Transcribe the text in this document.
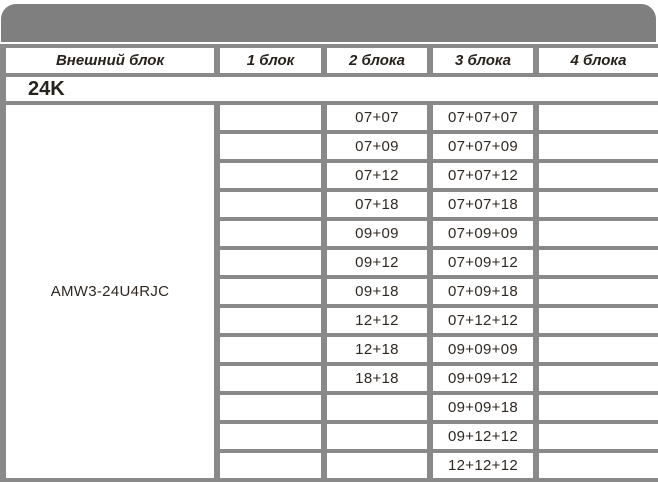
Внешний блок	1 блок	2 блока	3 блока	4 блока
24K				
AMW3-24U4RJC		07+07	07+07+07	
		07+09	07+07+09	
		07+12	07+07+12	
		07+18	07+07+18	
		09+09	07+09+09	
		09+12	07+09+12	
		09+18	07+09+18	
		12+12	07+12+12	
		12+18	09+09+09	
		18+18	09+09+12	
			09+09+18	
			09+12+12	
			12+12+12	
